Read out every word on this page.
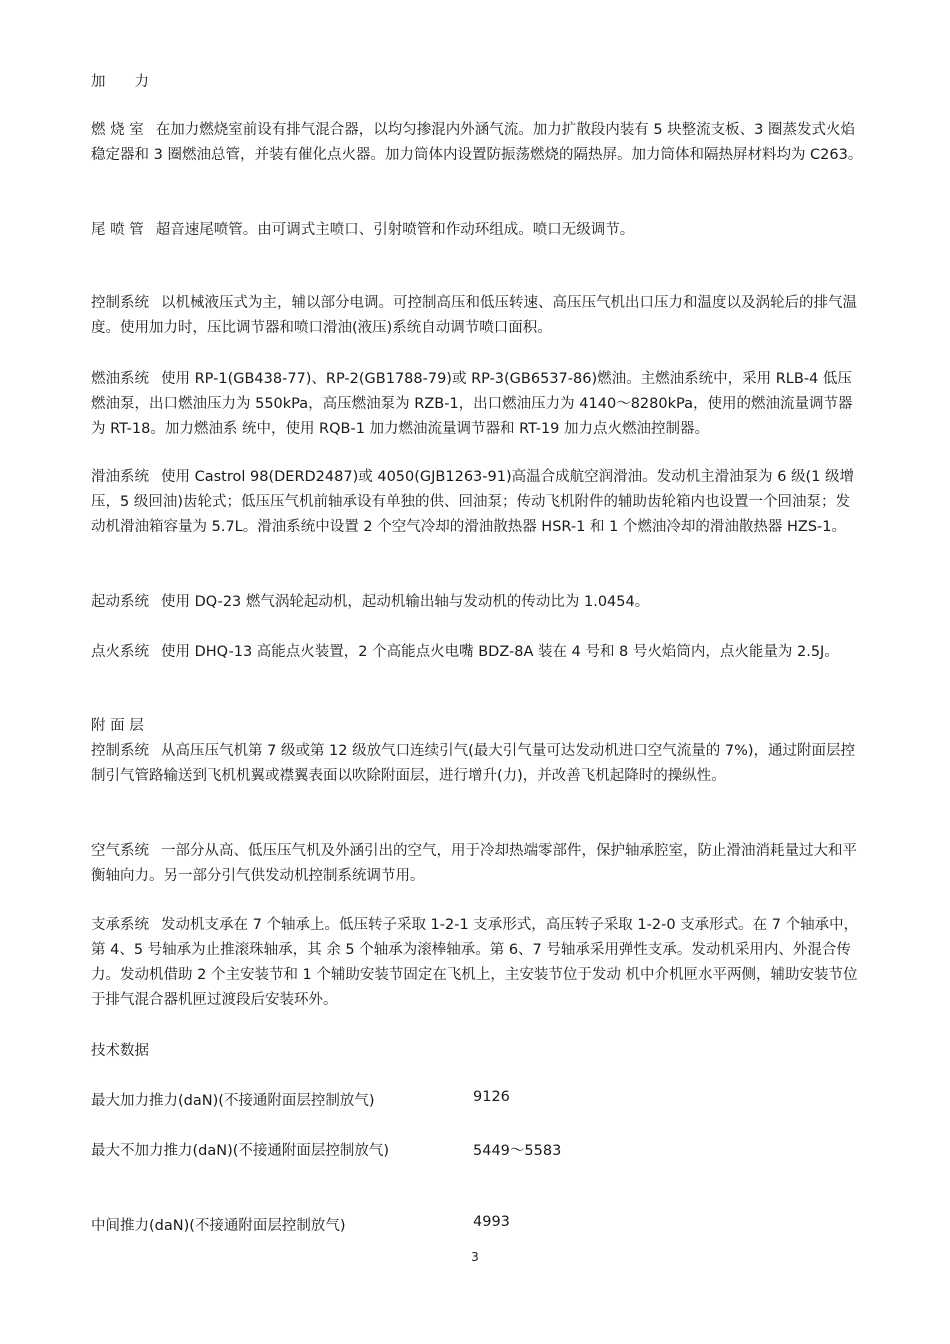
加　　力
燃 烧 室 在加力燃烧室前设有排气混合器，以均匀掺混内外涵气流。加力扩散段内装有 5 块整流支板、3 圈蒸发式火焰稳定器和 3 圈燃油总管，并装有催化点火器。加力筒体内设置防振荡燃烧的隔热屏。加力筒体和隔热屏材料均为 C263。
尾 喷 管 超音速尾喷管。由可调式主喷口、引射喷管和作动环组成。喷口无级调节。
控制系统 以机械液压式为主，辅以部分电调。可控制高压和低压转速、高压压气机出口压力和温度以及涡轮后的排气温度。使用加力时，压比调节器和喷口滑油(液压)系统自动调节喷口面积。
燃油系统 使用 RP-1(GB438-77)、RP-2(GB1788-79)或 RP-3(GB6537-86)燃油。主燃油系统中，采用 RLB-4 低压 燃油泵，出口燃油压力为 550kPa，高压燃油泵为 RZB-1，出口燃油压力为 4140～8280kPa，使用的燃油流量调节器为 RT-18。加力燃油系 统中，使用 RQB-1 加力燃油流量调节器和 RT-19 加力点火燃油控制器。
滑油系统 使用 Castrol 98(DERD2487)或 4050(GJB1263-91)高温合成航空润滑油。发动机主滑油泵为 6 级(1 级增压，5 级回油)齿轮式；低压压气机前轴承设有单独的供、回油泵；传动飞机附件的辅助齿轮箱内也设置一个回油泵；发动机滑油箱容量为 5.7L。滑油系统中设置 2 个空气冷却的滑油散热器 HSR-1 和 1 个燃油冷却的滑油散热器 HZS-1。
起动系统 使用 DQ-23 燃气涡轮起动机，起动机输出轴与发动机的传动比为 1.0454。
点火系统 使用 DHQ-13 高能点火装置，2 个高能点火电嘴 BDZ-8A 装在 4 号和 8 号火焰筒内，点火能量为 2.5J。
附 面 层
控制系统 从高压压气机第 7 级或第 12 级放气口连续引气(最大引气量可达发动机进口空气流量的 7%)，通过附面层控制引气管路输送到飞机机翼或襟翼表面以吹除附面层，进行增升(力)，并改善飞机起降时的操纵性。
空气系统 一部分从高、低压压气机及外涵引出的空气，用于冷却热端零部件，保护轴承腔室，防止滑油消耗量过大和平衡轴向力。另一部分引气供发动机控制系统调节用。
支承系统 发动机支承在 7 个轴承上。低压转子采取 1-2-1 支承形式，高压转子采取 1-2-0 支承形式。在 7 个轴承中，第 4、5 号轴承为止推滚珠轴承，其 余 5 个轴承为滚棒轴承。第 6、7 号轴承采用弹性支承。发动机采用内、外混合传力。发动机借助 2 个主安装节和 1 个辅助安装节固定在飞机上，主安装节位于发动 机中介机匣水平两侧，辅助安装节位于排气混合器机匣过渡段后安装环外。
技术数据
最大加力推力(daN)(不接通附面层控制放气)	9126
最大不加力推力(daN)(不接通附面层控制放气)	5449～5583
中间推力(daN)(不接通附面层控制放气)	4993
3
